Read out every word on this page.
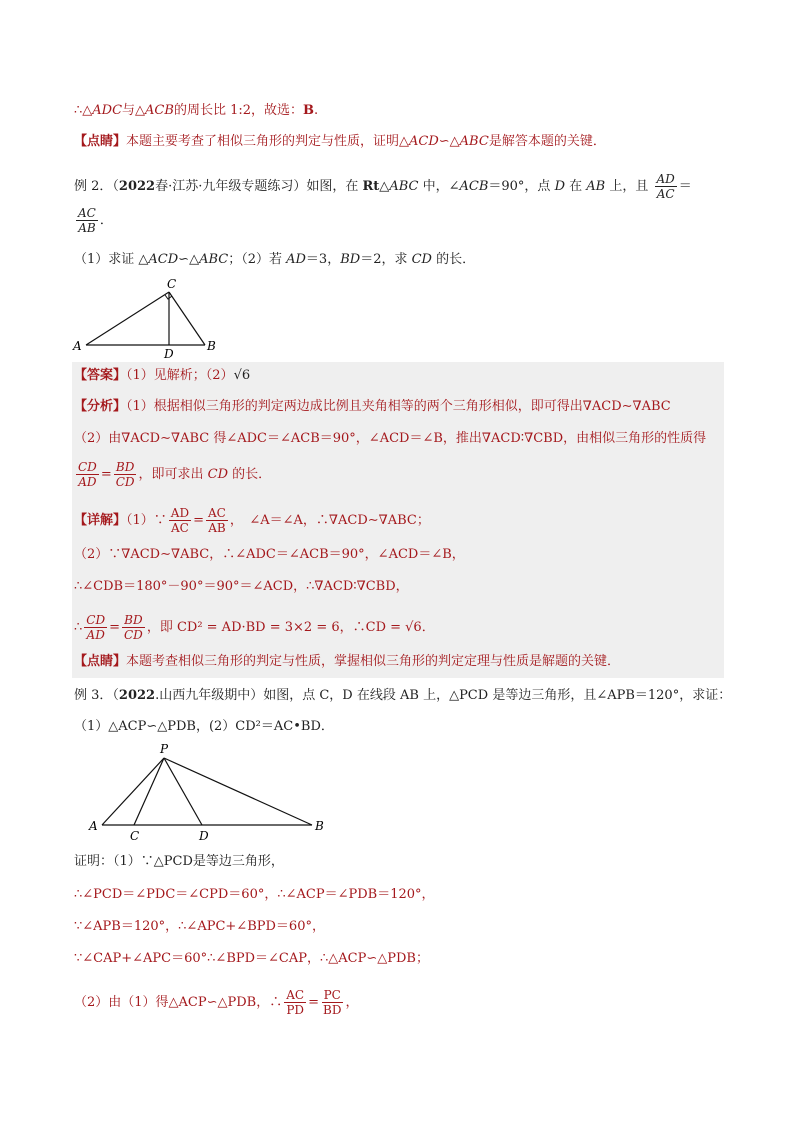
∴△ADC与△ACB的周长比 1:2，故选：B.
【点睛】本题主要考查了相似三角形的判定与性质，证明△ACD∽△ABC是解答本题的关键．
例 2．（2022春·江苏·九年级专题练习）如图，在 Rt△ABC 中，∠ACB＝90°，点 D 在 AB 上，且 $\frac{AD}{AC}$ ＝
$\frac{AC}{AB}$ ．
（1）求证 △ACD∽△ABC；（2）若 AD＝3，BD＝2，求 CD 的长．
C
A	B
D
【答案】（1）见解析；（2）√6
【分析】（1）根据相似三角形的判定两边成比例且夹角相等的两个三角形相似，即可得出∇ACD∼∇ABC
（2）由∇ACD∼∇ABC 得∠ADC＝∠ACB＝90°，∠ACD＝∠B，推出∇ACD∶∇CBD，由相似三角形的性质得
$\frac{CD}{AD} = \frac{BD}{CD}$ ，即可求出 CD 的长．
【详解】（1）∵ $\frac{AD}{AC} = \frac{AC}{AB}$ ，　∠A＝∠A，∴∇ACD∼∇ABC；
（2）∵∇ACD∼∇ABC，∴∠ADC＝∠ACB＝90°，∠ACD＝∠B，
∴∠CDB＝180°－90°＝90°＝∠ACD，∴∇ACD∶∇CBD，
∴ $\frac{CD}{AD} = \frac{BD}{CD}$ ，即 CD² = AD·BD = 3×2 = 6，∴CD = √6．
【点睛】本题考查相似三角形的判定与性质，掌握相似三角形的判定定理与性质是解题的关键．
例 3．（2022.山西九年级期中）如图，点 C，D 在线段 AB 上，△PCD 是等边三角形，且∠APB＝120°，求证：
（1）△ACP∽△PDB，(2）CD²＝AC•BD．
P
A
C	D
B
证明：（1）∵△PCD是等边三角形，
∴∠PCD＝∠PDC＝∠CPD＝60°，∴∠ACP＝∠PDB＝120°，
∵∠APB＝120°，∴∠APC+∠BPD＝60°，
∵∠CAP+∠APC＝60°∴∠BPD＝∠CAP，∴△ACP∽△PDB；
（2）由（1）得△ACP∽△PDB，∴ $\frac{AC}{PD} = \frac{PC}{BD}$ ，
